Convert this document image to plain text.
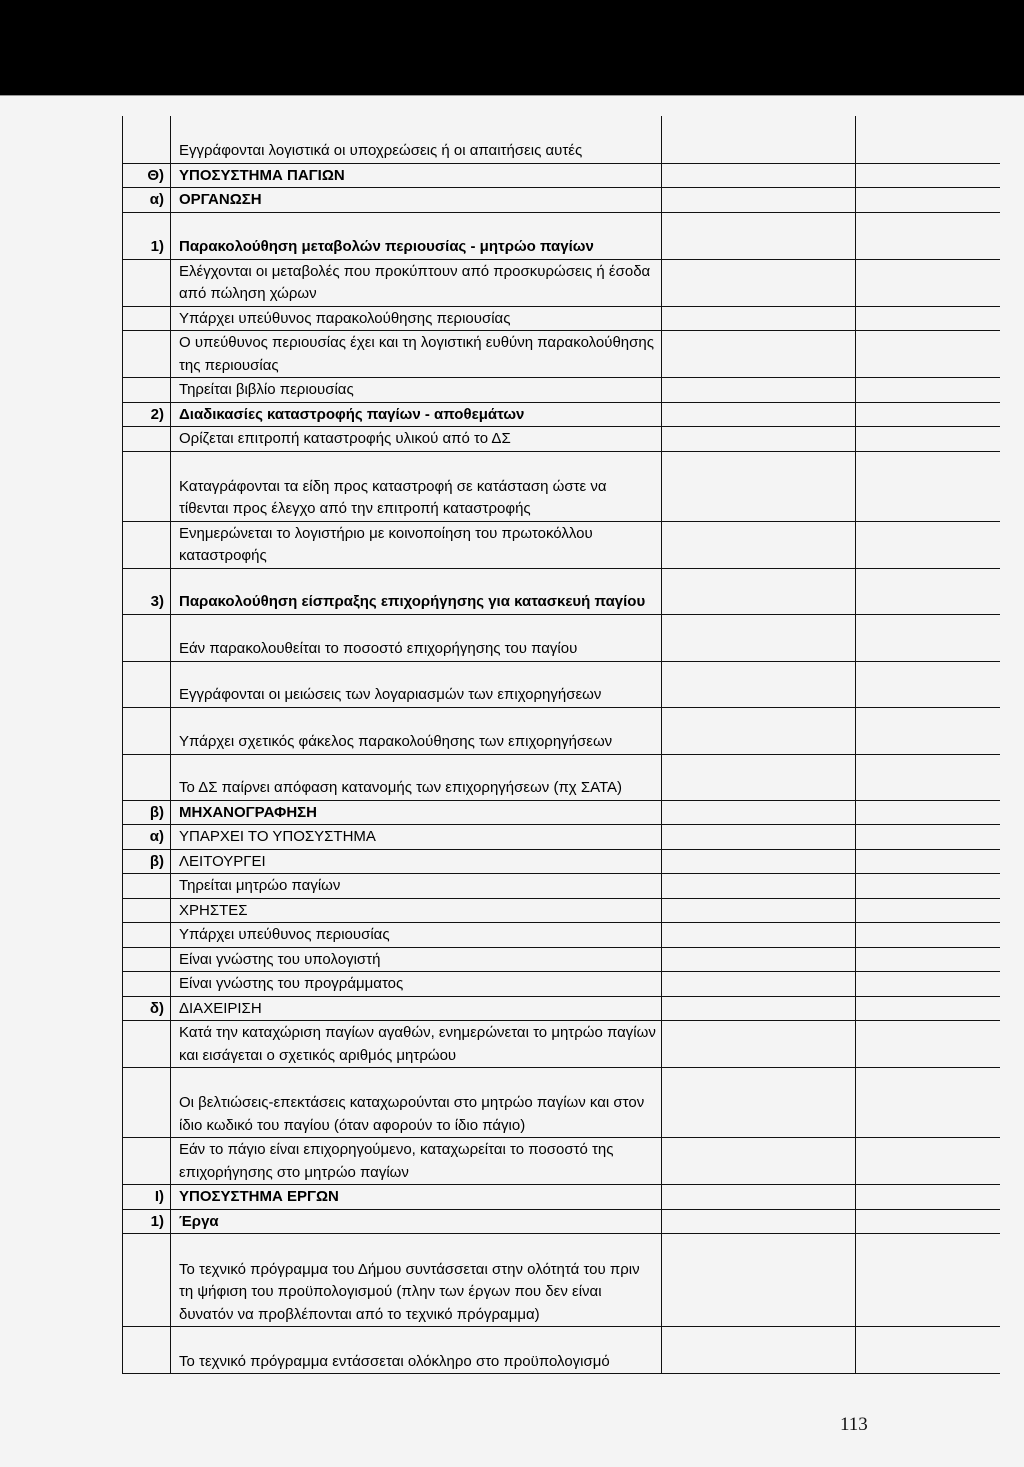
	Εγγράφονται λογιστικά οι υποχρεώσεις ή οι απαιτήσεις αυτές		
Θ)	ΥΠΟΣΥΣΤΗΜΑ ΠΑΓΙΩΝ		
α)	ΟΡΓΑΝΩΣΗ		
1)	Παρακολούθηση μεταβολών περιουσίας - μητρώο παγίων		
	Ελέγχονται οι μεταβολές που προκύπτουν από προσκυρώσεις ή έσοδα από πώληση χώρων		
	Υπάρχει υπεύθυνος παρακολούθησης περιουσίας		
	Ο υπεύθυνος περιουσίας έχει και τη λογιστική ευθύνη παρακολούθησης της περιουσίας		
	Τηρείται βιβλίο περιουσίας		
2)	Διαδικασίες καταστροφής παγίων - αποθεμάτων		
	Ορίζεται επιτροπή καταστροφής υλικού από το ΔΣ		
	Καταγράφονται τα είδη προς καταστροφή σε κατάσταση ώστε να τίθενται προς έλεγχο από την επιτροπή καταστροφής		
	Ενημερώνεται το λογιστήριο με κοινοποίηση του πρωτοκόλλου καταστροφής		
3)	Παρακολούθηση είσπραξης επιχορήγησης για κατασκευή παγίου		
	Εάν παρακολουθείται το ποσοστό επιχορήγησης του παγίου		
	Εγγράφονται οι μειώσεις των λογαριασμών των επιχορηγήσεων		
	Υπάρχει σχετικός φάκελος παρακολούθησης των επιχορηγήσεων		
	Το ΔΣ παίρνει απόφαση κατανομής των επιχορηγήσεων (πχ ΣΑΤΑ)		
β)	ΜΗΧΑΝΟΓΡΑΦΗΣΗ		
α)	ΥΠΑΡΧΕΙ ΤΟ ΥΠΟΣΥΣΤΗΜΑ		
β)	ΛΕΙΤΟΥΡΓΕΙ		
	Τηρείται μητρώο παγίων		
	ΧΡΗΣΤΕΣ		
	Υπάρχει υπεύθυνος περιουσίας		
	Είναι γνώστης του υπολογιστή		
	Είναι γνώστης του προγράμματος		
δ)	ΔΙΑΧΕΙΡΙΣΗ		
	Κατά την καταχώριση παγίων αγαθών, ενημερώνεται το μητρώο παγίων και εισάγεται ο σχετικός αριθμός μητρώου		
	Οι βελτιώσεις-επεκτάσεις καταχωρούνται στο μητρώο παγίων και στον ίδιο κωδικό του παγίου (όταν αφορούν το ίδιο πάγιο)		
	Εάν το πάγιο είναι επιχορηγούμενο, καταχωρείται το ποσοστό της επιχορήγησης στο μητρώο παγίων		
Ι)	ΥΠΟΣΥΣΤΗΜΑ ΕΡΓΩΝ		
1)	Έργα		
	Το τεχνικό πρόγραμμα του Δήμου συντάσσεται στην ολότητά του πριν τη ψήφιση του προϋπολογισμού (πλην των έργων που δεν είναι δυνατόν να προβλέπονται από το τεχνικό πρόγραμμα)		
	Το τεχνικό πρόγραμμα εντάσσεται ολόκληρο στο προϋπολογισμό		
113
